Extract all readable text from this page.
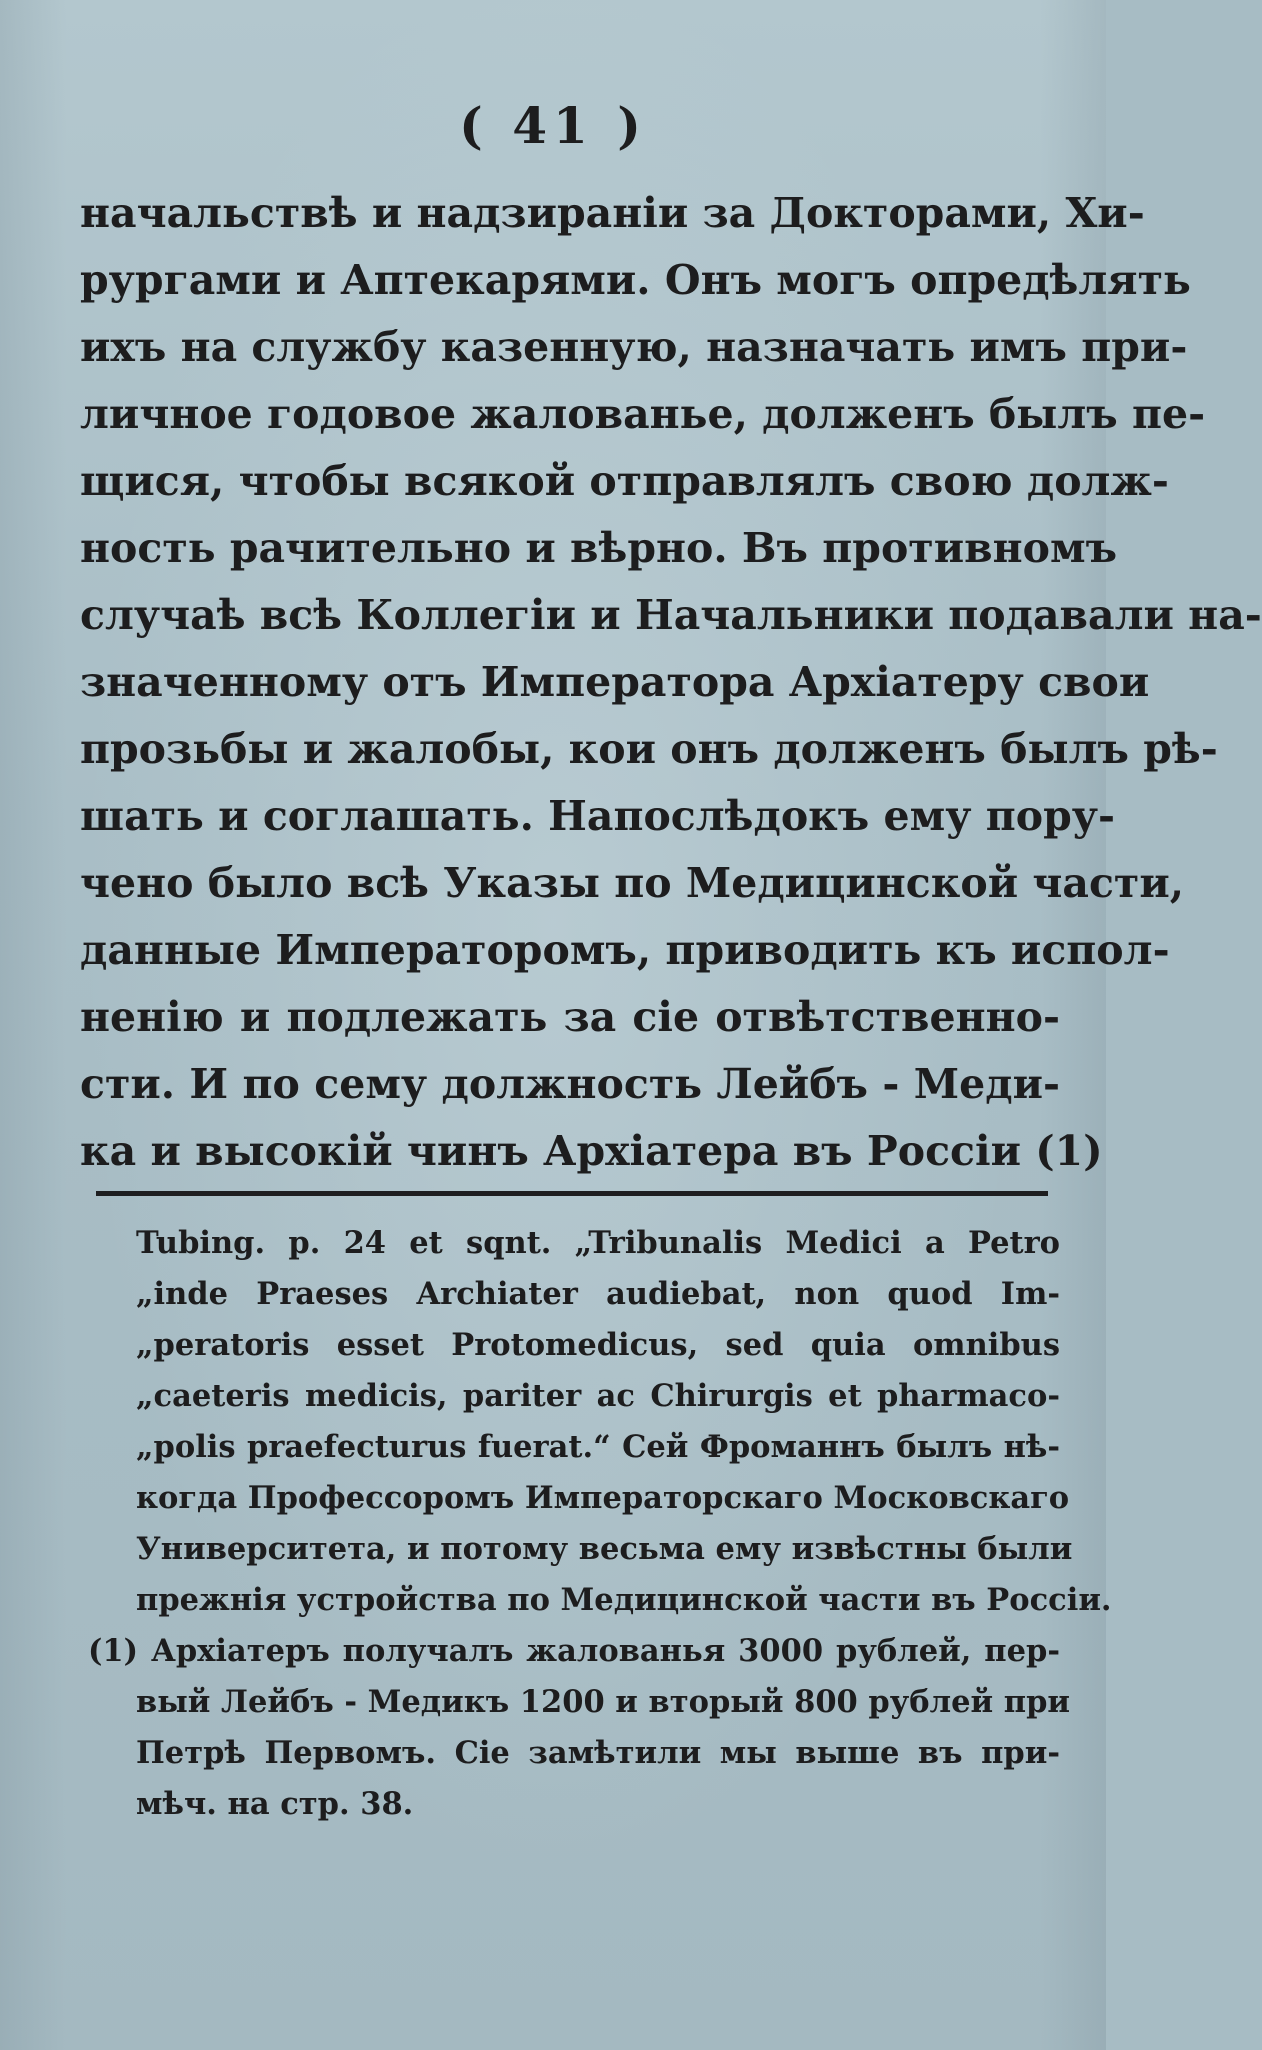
( 41 )
начальствѣ и надзираніи за Докторами, Хи-
рургами и Аптекарями. Онъ могъ опредѣлять
ихъ на службу казенную, назначать имъ при-
личное годовое жалованье, долженъ былъ пе-
щися, чтобы всякой отправлялъ свою долж-
ность рачительно и вѣрно. Въ противномъ
случаѣ всѣ Коллегіи и Начальники подавали на-
значенному отъ Императора Архіатеру свои
прозьбы и жалобы, кои онъ долженъ былъ рѣ-
шать и соглашать. Напослѣдокъ ему пору-
чено было всѣ Указы по Медицинской части,
данные Императоромъ, приводить къ испол-
ненію и подлежать за сіе отвѣтственно-
сти. И по сему должность Лейбъ - Меди-
ка и высокій чинъ Архіатера въ Россіи (1)
Tubing. p. 24 et sqnt. „Tribunalis Medici a Petro
„inde Praeses Archiater audiebat, non quod Im-
„peratoris esset Protomedicus, sed quia omnibus
„caeteris medicis, pariter ac Chirurgis et pharmaco-
„polis praefecturus fuerat.“ Сей Фроманнъ былъ нѣ-
когда Профессоромъ Императорскаго Московскаго
Университета, и потому весьма ему извѣстны были
прежнія устройства по Медицинской части въ Россіи.
(1) Архіатеръ получалъ жалованья 3000 рублей, пер-
вый Лейбъ - Медикъ 1200 и вторый 800 рублей при
Петрѣ Первомъ. Сіе замѣтили мы выше въ при-
мѣч. на стр. 38.
